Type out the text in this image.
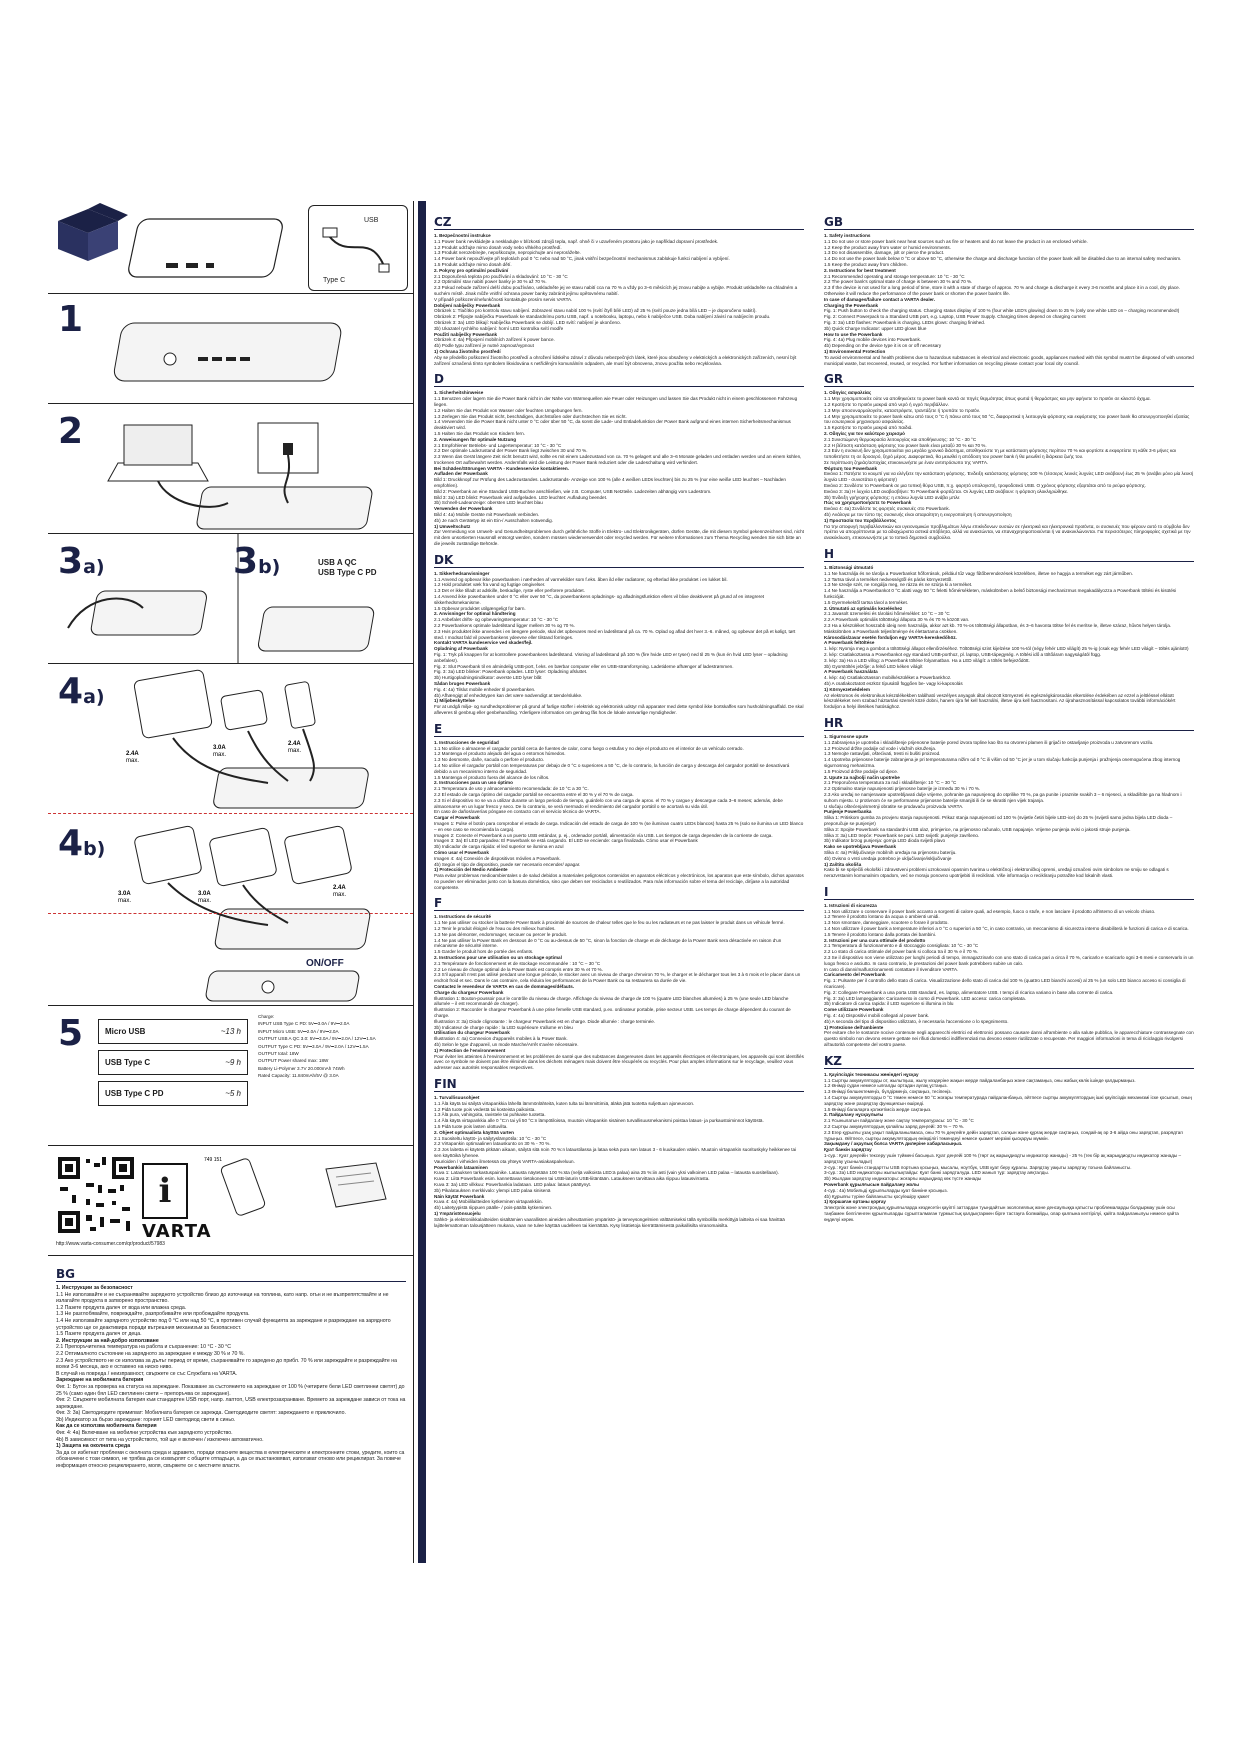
USB
Type C
1
2
3a)	3b)	USB A QC
USB Type C PD
4a)
2.4A
max.
3.0A
max.
2.4A
max.
4b)
3.0A
max.
3.0A
max.
2.4A
max.
ON/OFF
5	Micro USB	~13 h
USB Type C	~9 h
USB Type C PD	~5 h
Charge:
INPUT USB Type C PD: 5V⎓3.0A / 9V⎓2.0A
INPUT Micro USB: 5V⎓2.0A / 9V⎓2.0A
OUTPUT USB A QC 3.0: 5V⎓3.0A / 9V⎓2.0A / 12V⎓1.5A
OUTPUT Type C PD: 5V⎓3.0A / 9V⎓2.0A / 12V⎓1.5A
OUTPUT total: 18W
OUTPUT Power shared max: 18W
Battery Li-Polymer 3.7V 20.000mAh 74Wh
Rated Capacity: 11.840mAh/5V @ 3.0A
i
749 151
VARTA
http://www.varta-consumer.com/qr/product/57983
BG
1. Инструкции за безопасност
1.1 Не използвайте и не съхранявайте зарядното устройство близо до източници на топлина, като напр. огън и не възпрепятствайте и не излагайте продукта в затворено пространство.
1.2 Пазете продукта далеч от вода или влажна среда.
1.3 Не разглобявайте, повреждайте, разпробивайте или пробождайте продукта.
1.4 Не използвайте зарядното устройство под 0 °C или над 50 °C, в противен случай функцията за зареждане и разреждане на зарядното устройство ще се деактивира поради вътрешния механизъм за безопасност.
1.5 Пазете продукта далеч от деца.
2. Инструкции за най-добро използване
2.1 Препоръчителна температура на работа и съхранение: 10 °C - 30 °C
2.2 Оптималното състояние на зарядното за зареждане е между 30 % и 70 %.
2.3 Ако устройството не се използва за дълъг период от време, съхранявайте го заредено до прибл. 70 % или зареждайте и разреждайте на всеки 3-6 месеца, ако е оставено на ниско ниво.
В случай на повреда / неизправност, свържете се със Службата на VARTA.
Зареждане на мобилната батерия
Фиг. 1: Бутон за проверка на статуса на зареждане. Показване за състоянието на зареждане от 100 % (четирите бели LED светлинни светят) до 25 % (само един бял LED светлинен свети – препоръчва се зареждане).
Фиг. 2: Свържете мобилната батерия към стандартен USB порт, напр. лаптоп, USB електрозахранване. Времето за зареждане зависи от тока на зареждане.
Фиг. 3: 3a) Светодиодите примигват: Мобилната батерия се зарежда. Светодиодите светят: зареждането е приключило.
3b) Индикатор за бързо зареждане: горният LED светодиод свети в синьо.
Как да се използва мобилната батерия
Фиг. 4: 4a) Включване на мобилни устройства към зарядното устройство.
4b) В зависимост от типа на устройството, той ще е включен / изключен автоматично.
1) Защита на околната среда
За да се избегнат проблеми с околната среда и здравето, поради опасните вещества в електрическите и електронните стоки, уредите, които са обозначени с този символ, не трябва да се изхвърлят с общите отпадъци, а да се възстановяват, използват отново или рециклират. За повече информация относно рециклирането, моля, свържете се с местните власти.
CZ
1. Bezpečnostní instrukce
1.1 Power bank nevkládejte a neskladujte v blízkosti zdrojů tepla, např. ohně či v uzavřeném prostoru jako je například dopravní prostředek.
1.2 Produkt udržujte mimo dosah vody nebo vlhkého prostředí.
1.3 Produkt nerozebírejte, nepoškozujte, nepropichujte ani neproráželte.
1.4 Power bank nepoužívejte při teplotách pod 0 °C nebo nad 50 °C, jinak vnitřní bezpečnostní mechanismus zablokuje funkci nabíjení a vybíjení.
1.5 Produkt udržujte mimo dosah dětí.
2. Pokyny pro optimální používání
2.1 Doporučená teplota pro používání a skladování: 10 °C - 30 °C
2.2 Optimální stav nabití power banky je 30 % až 70 %.
2.3 Pokud nebude zařízení delší dobu používáno, uskladněte jej ve stavu nabití cca na 70 % a vždy po 3–6 měsících jej znovu nabijte a vybijte. Produkt uskladněte na chladném a suchém místě. Jinak může vnitřní ochrana power banky zabránit jejímu opětovnému nabití.
V případě poškození/nefunkčnosti kontaktujte prosím servis VARTA.
Dobíjení nabíječky Powerbank
Obrázek 1: Tlačítko pro kontrolu stavu nabíjení. Zobrazení stavu nabití 100 % (svítí čtyři bílé LED) až 25 % (svítí pouze jedna bílá LED – je doporučeno nabití).
Obrázek 2: Připojte nabíječku Powerbank ke standardnímu portu USB, např. u notebooku, laptopu, nebo k nabíječce USB. Doba nabíjení závisí na nabíjecím proudu.
Obrázek 3: 3a) LED blikají: Nabíječka Powerbank se dobíjí. LED svítí: nabíjení je ukončeno.
3b) Ukazatel rychlého nabíjení: horní LED kontrolka svítí modře
Použití nabíječky Powerbank
Obrázek 4: 4a) Připojení mobilních zařízení k power bance.
4b) Podle typu zařízení je nutné zapnout/vypnout
1) Ochrana životního prostředí
Aby se předešlo poškození životního prostředí a ohrožení lidského zdraví z důvodu nebezpečných látek, které jsou obsaženy v elektrických a elektronických zařízeních, nesmí být zařízení označená tímto symbolem likvidována s netříděným komunálním odpadem, ale musí být obnovena, znovu použita nebo recyklována.
D
1. Sicherheitshinweise
1.1 Benutzen oder lagern Sie die Power Bank nicht in der Nähe von Wärmequellen wie Feuer oder Heizungen und lassen Sie das Produkt nicht in einem geschlossenen Fahrzeug liegen.
1.2 Halten Sie das Produkt von Wasser oder feuchten Umgebungen fern.
1.3 Zerlegen Sie das Produkt nicht, beschädigen, durchstoßen oder durchstechen Sie es nicht.
1.4 Verwenden Sie die Power Bank nicht unter 0 °C oder über 50 °C, da sonst die Lade- und Entladefunktion der Power Bank aufgrund eines internen Sicherheitsmechanismus deaktiviert wird.
1.5 Halten Sie das Produkt von Kindern fern.
2. Anweisungen für optimale Nutzung
2.1 Empfohlener Betriebs- und Lagertemperatur: 10 °C - 30 °C
2.2 Der optimale Ladezustand der Power Bank liegt zwischen 30 und 70 %.
2.3 Wenn das Gerät längere Zeit nicht benutzt wird, sollte es mit einem Ladezustand von ca. 70 % gelagert und alle 3–6 Monate geladen und entladen werden und an einem kühlen, trockenen Ort aufbewahrt werden. Andernfalls wird die Leistung der Power Bank reduziert oder die Ladeschaltung wird verhindert.
Bei Schäden/Störungen VARTA - Kundenservice kontaktieren.
Aufladen der Powerbank
Bild 1: Druckknopf zur Prüfung des Ladezustandes. Ladezustands- Anzeige von 100 % (alle 4 weißen LEDs leuchten) bis zu 25 % (nur eine weiße LED leuchtet – Nachladen empfohlen).
Bild 2: Powerbank an eine Standard USB-Buchse anschließen, wie z.B. Computer, USB Netzteile. Ladezeiten abhängig vom Ladestrom.
Bild 3: 3a) LED blinkt: Powerbank wird aufgeladen. LED leuchtet: Aufladung beendet.
3b) Schnell-Ladeanzeige: obersten LED leuchtet blau
Verwenden der Powerbank
Bild 4: 4a) Mobile Geräte mit Powerbank verbinden.
4b) Je nach Gerätetyp ist ein Ein-/ Ausschalten notwendig.
1) Umweltschutz
Zur Vermeidung von Umwelt- und Gesundheitsproblemen durch gefährliche Stoffe in Elektro- und Elektronikgeräten, dürfen Geräte, die mit diesem Symbol gekennzeichnet sind, nicht mit dem unsortierten Hausmüll entsorgt werden, sondern müssen wiederverwendet oder recycled werden. Für weitere Informationen zum Thema Recycling wenden Sie sich bitte an die jeweils zuständige Behörde.
DK
1. Sikkerhedsanvisninger
1.1 Anvend og opbevar ikke powerbanken i nærheden af varmekilder som f.eks. åben ild eller radiatorer, og efterlad ikke produktet i en lukket bil.
1.2 Hold produktet væk fra vand og fugtige omgivelser.
1.3 Det er ikke tilladt at adskille, beskadige, ryste eller perforere produktet.
1.4 Anvend ikke powerbanken under 0 °C eller over 50 °C, da powerbankens opladnings- og afladningsfunktion ellers vil blive deaktiveret på grund af en integreret sikkerhedsmekanisme.
1.5 Opbevar produktet utilgængeligt for børn.
2. Anvisninger for optimal håndtering
2.1 Anbefalet drifts- og opbevaringstemperatur: 10 °C - 30 °C
2.2 Powerbankens optimale ladetilstand ligger mellem 30 % og 70 %.
2.3 Hvis produktet ikke anvendes i en længere periode, skal det opbevares med en ladetilstand på ca. 70 %. Oplad og aflad det hver 3.-6. måned, og opbevar det på et køligt, tørt sted. I modsat fald vil powerbankens ydeevne eller tilstand forringes.
Kontakt VARTA kundeservice ved skader/fejl.
Opladning af Powerbank
Fig. 1: Tryk på knappen for at kontrollere powerbankens ladetilstand. Visning af ladetilstand på 100 % (fire hvide LED er tyser) ned til 25 % (kun én hvid LED lyser – opladning anbefales!).
Fig. 2: Slut Powerbank til en almindelig USB-port, f.eks. en bærbar computer eller en USB-strømforsyning. Ladetiderne afhænger af ladestrømmen.
Fig. 3: 3a) LED blinker: Powerbank oplades. LED lyser: Opladning afsluttet.
3b) Hurtigopladningsindikator: øverste LED lyser blåt
Sådan bruges Powerbank
Fig. 4: 4a) Tilslut mobile enheder til powerbanken.
4b) Afhængigt af enhedstypen kan det være nødvendigt at tænde/slukke.
1) Miljøbeskyttelse
For at undgå miljø- og sundhedsproblemer på grund af farlige stoffer i elektrisk og elektronisk udstyr må apparater med dette symbol ikke bortskaffes som husholdningsaffald. De skal afleveres til genbrug eller genbehandling. Yderligere information om genbrug fås hos de lokale ansvarlige myndigheder.
E
1. Instrucciones de seguridad
1.1 No utilice o almacene el cargador portátil cerca de fuentes de calor, como fuego o estufas y no deje el producto en el interior de un vehículo cerrado.
1.2 Mantenga el producto alejado del agua o entornos húmedos.
1.3 No desmonte, dañe, sacuda o perfore el producto.
1.4 No utilice el cargador portátil con temperaturas por debajo de 0 °C o superiores a 50 °C, de lo contrario, la función de carga y descarga del cargador portátil se desactivará debido a un mecanismo interno de seguridad.
1.5 Mantenga el producto fuera del alcance de los niños.
2. Instrucciones para un uso óptimo
2.1 Temperatura de uso y almacenamiento recomendada: de 10 °C a 30 °C.
2.2 El estado de carga óptimo del cargador portátil se encuentra entre el 30 % y el 70 % de carga.
2.3 Si el dispositivo no se va a utilizar durante un largo periodo de tiempo, guárdelo con una carga de aprox. el 70 % y cargue y descargue cada 3–6 meses; además, debe almacenarse en un lugar fresco y seco. De lo contrario, se verá mermado el rendimiento del cargador portátil o se acortará su vida útil.
En caso de daños/averías póngase en contacto con el servicio técnico de VARTA.
Cargar el Powerbank
Imagen 1: Pulse el botón para comprobar el estado de carga. Indicación del estado de carga de 100 % (se iluminan cuatro LEDs blancos) hasta 25 % (solo se ilumina un LED blanco – en ese caso se recomienda la carga).
Imagen 2: Conecte el Powerbank a un puerto USB estándar, p. ej., ordenador portátil, alimentación vía USB. Los tiempos de carga dependen de la corriente de carga.
Imagen 3: 3a) El LED parpadea: El Powerbank se está cargando. El LED se enciende: carga finalizada. Cómo usar el Powerbank
3b) Indicador de carga rápida: el led superior se ilumina en azul
Cómo usar el Powerbank
Imagen 4: 4a) Conexión de dispositivos móviles a Powerbank.
4b) Según el tipo de dispositivo, puede ser necesario encender/ apagar.
1) Protección del Medio Ambiente
Para evitar problemas medioambientales o de salud debidos a materiales peligrosos contenidos en aparatos eléctricos y electrónicos, los aparatos que este símbolo, dichos aparatos no pueden ser eliminados junto con la basura doméstica, sino que deben ser reciclados o reutilizados. Para más información sobre el tema del reciclaje, diríjase a la autoridad competente.
F
1. Instructions de sécurité
1.1 Ne pas utiliser ou stocker la batterie Power Bank à proximité de sources de chaleur telles que le feu ou les radiateurs et ne pas laisser le produit dans un véhicule fermé.
1.2 Tenir le produit éloigné de l'eau ou des milieux humides.
1.3 Ne pas démonter, endommager, secouer ou percer le produit.
1.4 Ne pas utiliser la Power Bank en dessous de 0 °C ou au-dessus de 50 °C, sinon la fonction de charge et de décharge de la Power Bank sera désactivée en raison d'un mécanisme de sécurité interne.
1.5 Garder le produit hors de portée des enfants.
2. Instructions pour une utilisation ou un stockage optimal
2.1 Température de fonctionnement et de stockage recommandée : 10 °C – 30 °C
2.2 Le niveau de charge optimal de la Power Bank est compris entre 30 % et 70 %.
2.3 S'il apparaît n'est pas utilisé pendant une longue période, le stocker avec un niveau de charge d'environ 70 %, le charger et le décharger tous les 3 à 6 mois et le placer dans un endroit froid et sec. Dans le cas contraire, cela réduira les performances de la Power Bank ou sa restaurera sa durée de vie.
Contactez le revendeur de VARTA en cas de dommages/défauts.
Charge du chargeur Powerbank
Illustration 1: Bouton-poussoir pour le contrôle du niveau de charge. Affichage du niveau de charge de 100 % (quatre LED blanches allumées) à 25 % (une seule LED blanche allumée – il est recommandé de charger).
Illustration 2: Raccorder le chargeur Powerbank à une prise femelle USB standard, p.ex. ordinateur portable, prise secteur USB. Les temps de charge dépendent du courant de charge.
Illustration 3: 3a) Diode clignotante : le chargeur Powerbank est en charge. Diode allumée : charge terminée.
3b) Indicateur de charge rapide : la LED supérieure s'allume en bleu
Utilisation du chargeur Powerbank
Illustration 4: 4a) Connexion d'appareils mobiles à la Power Bank.
4b) Selon le type d'appareil, un mode Marche/Arrêt s'avère nécessaire.
1) Protection de l'environnement
Pour éviter les atteintes à l'environnement et les problèmes de santé que des substances dangereuses dans les appareils électriques et électroniques, les appareils qui sont identifiés avec ce symbole ne doivent pas être éliminés dans les déchets ménagers mais doivent être récupérés ou recyclés. Pour plus amples informations sur le recyclage, veuillez vous adresser aux autorités responsables respectives.
FIN
1. Turvallisuusohjeet
1.1 Älä käytä tai säilytä virtapankkia lähellä lämmönlähteitä, kuten tulta tai lämmittimiä, äläkä jätä tuotetta suljettuun ajoneuvoon.
1.2 Pidä tuote pois vedestä tai kosteista paikoista.
1.3 Älä pura, vahingoita, ravistele tai puhkaise tuotetta.
1.4 Älä käytä virtapankkia alle 0 °C:n tai yli 50 °C:n lämpötiloissa, muutoin virtapankin sisäinen turvallisuusmekanismi poistaa lataus- ja purkaustoiminnot käytöstä.
1.5 Pidä tuote pois lasten ulottuvilta.
2. Ohjeet optimaalista käyttöä varten
2.1 Suositeltu käyttö- ja säilytyslämpötila: 10 °C - 30 °C
2.2 Virtapankin optimaalinen latauskunto on 30 % - 70 %.
2.3 Jos laitetta ei käytetä pitkään aikaan, säilytä sitä noin 70 %:n lataustilassa ja lataa sekä pura sen lataus 3 - 6 kuukauden välein. Muutoin virtapankin suorituskyky heikkenee tai sen käyttöikä lyhenee.
Vaurioiden / virheiden ilmetessä ota yhteys VARTA-asiakaspalveluun.
Powerbankin lataaminen
Kuva 1: Latauksen tarkastuspainike. Latausta näytetään 100 %:sta (neljä valkoista LED:ä palaa) aina 25 %:iin asti (vain yksi valkoinen LED palaa – latausta suositellaan).
Kuva 2: Liitä Powerbank esim. kannettavan tietokoneen tai USB-laturin USB-liitäntään. Lataukseen tarvittava aika riippuu latausvirrasta.
Kuva 3: 3a) LED vilkkuu: Powerbankia ladataan. LED palaa: lataus päättynyt.
3b) Pikalatauksen merkkivalo: ylempi LED palaa sinisenä
Näin käytät Powerbank
Kuva 4: 4a) Mobiililaitteiden kytkeminen virtapankkiin.
4b) Laitetyypistä riippuen päälle- / pois-päältä kytkeminen.
1) Ympäristönsuojelu
Sähkö- ja elektroniikkalaitteiden sisältämien vaarallisten aineiden aiheuttamien ympäristö- ja terveysongelmien välttämiseksi tällä symbolilla merkittyjä laitteita ei saa hävittää lajittelemattoman talousjätteen mukana, vaan ne tulee käyttää uudelleen tai kierrättää. Kysy lisätietoja kierrättämisestä paikallisilta viranomaisilta.
GB
1. Safety instructions
1.1 Do not use or store power bank near heat sources such as fire or heaters and do not leave the product in an enclosed vehicle.
1.2 Keep the product away from water or humid environments.
1.3 Do not disassemble, damage, jolt or pierce the product.
1.4 Do not use the power bank below 0 °C or above 50 °C, otherwise the charge and discharge function of the power bank will be disabled due to an internal safety mechanism.
1.5 Keep the product away from children.
2. Instructions for best treatment
2.1 Recommended operating and storage temperature: 10 °C - 30 °C
2.2 The power bank's optimal state of charge is between 30 % and 70 %.
2.3 If the device is not used for a long period of time, store it with a state of charge of approx. 70 % and charge & discharge it every 3-6 months and place it in a cool, dry place. Otherwise it will reduce the performance of the power bank or shorten the power bank's life.
In case of damages/failure contact a VARTA dealer.
Charging the Powerbank
Fig. 1: Push button to check the charging status. Charging status display of 100 % (four white LED's glowing) down to 25 % (only one white LED on – charging recommended!)
Fig. 2: Connect Powerpack to a Standard USB port, e.g. Laptop, USB Power Supply. Charging times depend on charging current
Fig. 3: 3a) LED flashes: Powerbank is charging. LEDs glows: charging finished.
3b) Quick Charge Indicator: upper LED glows blue
How to use the Powerbank
Fig. 4: 4a) Plug mobile devices into Powerbank.
4b) Depending on the device type it is on or off necessary
1) Environmental Protection
To avoid environmental and health problems due to hazardous substances in electrical and electronic goods, appliances marked with this symbol mustn't be disposed of with unsorted municipal waste, but recovered, reused, or recycled. For further information on recycling please contact your local city council.
GR
1. Οδηγίες ασφαλείας
1.1 Μην χρησιμοποιείτε ούτε να αποθηκεύετε το power bank κοντά σε πηγές θερμότητας όπως φωτιά ή θερμάστρες και μην αφήνετε το προϊόν σε κλειστό όχημα.
1.2 Κρατήστε το προϊόν μακριά από νερό ή υγρό περιβάλλον.
1.3 Μην αποσυναρμολογείτε, καταστρέφετε, τραντάζετε ή τρυπάτε το προϊόν.
1.4 Μην χρησιμοποιείτε το power bank κάτω από τους 0 °C ή πάνω από τους 50 °C, διαφορετικά η λειτουργία φόρτισης και εκφόρτισης του power bank θα απενεργοποιηθεί εξαιτίας του εσωτερικού μηχανισμού ασφαλείας.
1.5 Κρατήστε το προϊόν μακριά από παιδιά.
2. Οδηγίες για τον καλύτερο χειρισμό
2.1 Συνιστώμενη θερμοκρασία λειτουργίας και αποθήκευσης: 10 °C - 30 °C
2.2 Η βέλτιστη κατάσταση φόρτισης του power bank είναι μεταξύ 30 % και 70 %.
2.3 Εάν η συσκευή δεν χρησιμοποιείται για μεγάλο χρονικό διάστημα, αποθηκεύστε τη με κατάσταση φόρτισης περίπου 70 % και φορτίστε & εκφορτίστε τη κάθε 3-6 μήνες και τοποθετήστε τη σε δροσερό, ξηρό μέρος. Διαφορετικά, θα μειωθεί η απόδοση του power bank ή θα μειωθεί η διάρκεια ζωής του.
Σε περίπτωση ζημιάς/αστοχίας επικοινωνήστε με έναν αντιπρόσωπο της VARTA.
Φόρτιση του Powerbank
Εικόνα 1: Πατήστε το κουμπί για να ελέγξετε την κατάσταση φόρτισης. Ένδειξη κατάστασης φόρτισης 100 % (τέσσερις λευκές λυχνίες LED ανάβουν) έως 25 % (ανάβει μόνο μία λευκή λυχνία LED - συνιστάται η φόρτιση!)
Εικόνα 2: Συνδέστε το Powerbank σε μια τυπική θύρα USB, π.χ. φορητό υπολογιστή, τροφοδοτικό USB. Ο χρόνος φόρτισης εξαρτάται από το ρεύμα φόρτισης.
Εικόνα 3: 3a) Η λυχνία LED αναβοσβήνει: Το Powerbank φορτίζεται. Οι λυχνίες LED ανάβουν: η φόρτιση ολοκληρώθηκε.
3b) Ένδειξη γρήγορης φόρτισης: η επάνω λυχνία LED ανάβει μπλε
Πώς να χρησιμοποιήσετε το Powerbank
Εικόνα 4: 4a) Συνδέστε τις φορητές συσκευές στο Powerbank.
4b) Ανάλογα με τον τύπο της συσκευής είναι απαραίτητη η ενεργοποίηση ή απενεργοποίηση
1) Προστασία του περιβάλλοντος
Για την αποφυγή περιβαλλοντικών και υγειονομικών προβλημάτων λόγω επικίνδυνων ουσιών σε ηλεκτρικά και ηλεκτρονικά προϊόντα, οι συσκευές που φέρουν αυτό το σύμβολο δεν πρέπει να απορρίπτονται με τα αδιαχώριστα αστικά απόβλητα, αλλά να ανακτώνται, να επαναχρησιμοποιούνται ή να ανακυκλώνονται. Για περισσότερες πληροφορίες σχετικά με την ανακύκλωση, επικοινωνήστε με το τοπικό δημοτικό συμβούλιο.
H
1. Biztonsági útmutató
1.1 Ne használja és ne tárolja a Powerbankot hőforrások, például tűz vagy fűtőberendezések közelében, illetve ne hagyja a terméket egy zárt járműben.
1.2 Tartsa távol a terméket nedvességtől és párás környezettől.
1.3 Ne szedje szét, ne rongálja meg, ne rázza és ne szúrja ki a terméket.
1.4 Ne használja a Powerbankot 0 °C alatti vagy 50 °C feletti hőmérsékleten, máskülönben a belső biztonsági mechanizmus megakadályozza a Powerbank töltési és kisütési funkcióját.
1.5 Gyermekektől tartsa távol a terméket.
2. Útmutató az optimális kezeléshez
2.1 Javasolt üzemelési és tárolási hőmérséklet: 10 °C – 30 °C
2.2 A Powerbank optimális töltöttségi állapota 30 % és 70 % között van.
2.3 Ha a készüléket hosszabb ideig nem használja, akkor azt kb. 70 %-os töltöttségi állapotban, és 3–6 havonta töltse fel és merítse le, illetve száraz, hűvös helyen tárolja. Máskülönben a Powerbank teljesítménye és élettartama csökken.
Károsodás/zavar esetén forduljon egy VARTA-kereskedőhöz.
A Powerbank feltöltése
1. kép: Nyomja meg a gombot a töltöttségi állapot ellenőrzéséhez. Töltöttségi szint kijelzése 100 %-tól (négy fehér LED világít) 25 %-ig (csak egy fehér LED világít – töltés ajánlott!)
2. kép: Csatlakoztassa a Powerbankot egy standard USB-porthoz, pl. laptop, USB-tápegység. A töltési idő a töltőáram nagyságától függ.
3. kép: 3a) Ha a LED villog: a Powerbank töltése folyamatban. Ha a LED világít: a töltés befejeződött.
3b) Gyorstöltés jelzője: a felső LED kéken világít
A Powerbank használata
4. kép: 4a) Csatlakoztasson mobilkészüléket a Powerbankhoz.
4b) A csatlakoztatott eszköz típusától függően be- vagy ki-kapcsolás
1) Környezetvédelem
Az elektromos és elektronikus készülékekben található veszélyes anyagok által okozott környezeti és egészségkárosodás elkerülése érdekében az ezzel a jelöléssel ellátott készülékeket nem szabad háztartási szemét közé dobni, hanem újra fel kell használni, illetve újra kell hasznosítani. Az újrahasznosítással kapcsolatos további információkért forduljon a helyi illetékes hatósághoz.
HR
1. Sigurnosne upute
1.1 Zabranjena je upotreba i skladištenje prijenosne baterije pored izvora topline kao što su otvoreni plamen ili grijači te ostavljanje proizvoda u zatvorenom vozilu.
1.2 Proizvod držite podalje od vode i vlažnih okruženja.
1.3 Nemojte rastavljati, oštećivati, tresti ni bušiti proizvod.
1.4 Upotreba prijenosne baterije zabranjena je pri temperaturama nižim od 0 °C ili višim od 50 °C jer je u tom slučaju funkcija punjenja i pražnjenja onemogućena zbog internog sigurnosnog mehanizma.
1.5 Proizvod držite podalje od djece.
2. Upute za najbolji način upotrebe
2.1 Preporučena temperatura za rad i skladištenje: 10 °C – 30 °C
2.2 Optimalno stanje napunjenosti prijenosne baterije je između 30 % i 70 %.
2.3 Ako uređaj ne namjeravate upotrebljavati dulje vrijeme, pohranite ga napunjenog do otprilike 70 %, pa ga punite i praznite svakih 3 – 6 mjeseci, a skladištite ga na hladnom i suhom mjestu. U protivnom će se performanse prijenosne baterije smanjiti ili će se skratiti njen vijek trajanja.
U slučaju oštećenja/smetnji obratite se prodavaču proizvoda VARTA.
Punjenje Powerbanka
Slika 1: Pritiskom gumba za provjeru stanja napunjenosti. Prikaz stanja napunjenosti od 100 % (svijetle četiri bijele LED-ice) do 25 % (svijetli samo jedna bijela LED dioda – preporučuje se punjenje!)
Slika 2: Spojite Powerbank na standardni USB ulaz, primjerice, na prijenosno računalo, USB napajanje. Vrijeme punjenja ovisi o jakosti struje punjenja.
Slika 3: 3a) LED trepće: Powerbank se puni. LED svijetli: punjenje završeno.
3b) Indikator brzog punjenja: gornja LED dioda svijetli plavo
Kako se upotrebljava Powerbank
Slika 4: 4a) Priključivanje mobilnih uređaja na prijenosnu bateriju.
4b) Ovisno o vrsti uređaja potrebno je uključivanje/isključivanje
1) Zaštita okoliša
Kako bi se spriječili ekološki i zdravstveni problemi uzrokovani opasnim tvarima u električnoj i elektroničkoj opremi, uređaji označeni ovim simbolom ne smiju se odlagati s nerazvrstanim komunalnim otpadom, već se moraju ponovno upotrijebiti ili reciklirati. Više informacija o recikliranju potražite kod lokalnih vlasti.
I
1. Istruzioni di sicurezza
1.1 Non utilizzare o conservare il power bank accanto a sorgenti di calore quali, ad esempio, fuoco o stufe, e non lasciare il prodotto all'interno di un veicolo chiuso.
1.2 Tenere il prodotto lontano da acqua o ambienti umidi.
1.3 Non smontare, danneggiare, scuotere o forare il prodotto.
1.4 Non utilizzare il power bank a temperature inferiori a 0 °C o superiori a 50 °C, in caso contrario, un meccanismo di sicurezza interno disabiliterà le funzioni di carica e di scarica.
1.5 Tenere il prodotto lontano dalla portata dei bambini.
2. Istruzioni per una cura ottimale del prodotto
2.1 Temperatura di funzionamento e di stoccaggio consigliata: 10 °C - 30 °C
2.2 Lo stato di carica ottimale del power bank si colloca tra il 30 % e il 70 %.
2.3 Se il dispositivo non viene utilizzato per lunghi periodi di tempo, immagazzinarlo con uno stato di carica pari a circa il 70 %, caricarlo e scaricarlo ogni 3-6 mesi e conservarlo in un luogo fresco e asciutto. In caso contrario, le prestazioni del power bank potrebbero subire un calo.
In caso di danni/malfunzionamenti contattare il rivenditore VARTA.
Caricamento del Powerbank
Fig. 1: Pulsante per il controllo dello stato di carica. Visualizzazione dello stato di carica dal 100 % (quattro LED bianchi accesi) al 25 % (un solo LED bianco acceso si consiglia di ricaricare).
Fig. 2: Collegare Powerbank a una porta USB standard, es. laptop, alimentatore USB. I tempi di ricarica variano in base alla corrente di carica.
Fig. 3: 3a) LED lampeggiante: Caricamento in corso di Powerbank. LED acceso: carica completata.
3b) Indicatore di carica rapida: il LED superiore si illumina in blu
Come utilizzare Powerbank
Fig. 4: 4a) Dispositivi mobili collegati al power bank.
4b) A seconda del tipo di dispositivo utilizzato, è necessaria l'accensione o lo spegnimento.
1) Protezione dell'ambiente
Per evitare che le sostanze nocive contenute negli apparecchi elettrici ed elettronici possano causare danni all'ambiente o alla salute pubblica, le apparecchiature contrassegnate con questo simbolo non devono essere gettate nei rifiuti domestici indifferenziati ma devono essere riutilizzate o recuperate. Per maggiori informazioni in tema di riciclaggio rivolgersi all'autorità competente del vostro paese.
KZ
1. Қауіпсіздік техникасы жөніндегі нұсқау
1.1 Сыртқы аккумуляторды от, жылытқыш, жылу көздеріне жақын жерде пайдаланбаңыз және сақтамаңыз, оны жабық көлік ішінде қалдырмаңыз.
1.2 Өнімді судан немесе ылғалды ортадан аулақ ұстаңыз.
1.3 Өнімді бөлшектемеңіз, бүлдірмеңіз, соқпаңыз, тесіпеңіз.
1.4 Сыртқы аккумуляторды 0 °C төмен немесе 50 °C жоғары температурада пайдаланбаңыз, әйтпесе сыртқы аккумулятордың ішкі қауіпсіздік механизмі іске қосылып, оның зарядтау және разрядтау функциясын өшіреді.
1.5 Өнімді балаларға қолжетімсіз жерде сақтаңыз.
2. Пайдалану нұсқаулығы
2.1 Ұсынылатын пайдалану және сақтау температурасы: 10 °C - 30 °C
2.2 Сыртқы аккумулятордың қолайлы заряд деңгейі: 30 % – 70 %.
2.3 Егер құрылғы ұзақ уақыт пайдаланылмаса, оны 70 % деңгейге дейін зарядтап, салқын және құрғақ жерде сақтаңыз, сондай-ақ әр 3-6 айда оны зарядтап, разрядтап тұрыңыз. Әйтпесе, сыртқы аккумулятордың өнімділігі төмендеуі немесе қызмет мерзімі қысқаруы мүмкін.
Зақымдану / ақаулық болса VARTA дилеріне хабарласыңыз.
Қуат банкін зарядтау
1-сур.: Қуат деңгейін тексеру үшін түймені басыңыз. Қуат деңгейі 100 % (төрт ақ жарықдиодты индикатор жанады) - 25 % (тек бір ақ жарықдиодты индикатор жанады – зарядтау ұсынылады!)
2-сур.: Қуат банкін стандартты USB портына қосыңыз, мысалы, ноутбук, USB қуат беру құралы. Зарядтау уақыты зарядтау тогына байланысты.
3-сур.: 3a) LED индикаторы жыпылықтайды: Қуат банкі зарядталуда. LED жанып тұр: зарядтау аяқталды.
3b) Жылдам зарядтау индикаторы: жоғарғы жарықдиод көк түсте жанады
Powerbank құрылғысын пайдалану жолы
4-сур.: 4a) Мобильді құрылғыларды қуат банкіне қосыңыз.
4b) Құрылғы түріне байланысты қосу/өшіру қажет
1) Қоршаған ортаны қорғау
Электрлік және электрондық құрылғыларда кездесетін қауіпті заттардан туындайтын экологиялық және денсаулыққа қатысты проблемаларды болдырмау үшін осы таңбамен белгіленген құрылғыларды сұрыпталмаған тұрмыстық қалдықтармен бірге тастауға болмайды, олар қалпына келтірілуі, қайта пайдаланылуы немесе қайта өңделуі керек.
